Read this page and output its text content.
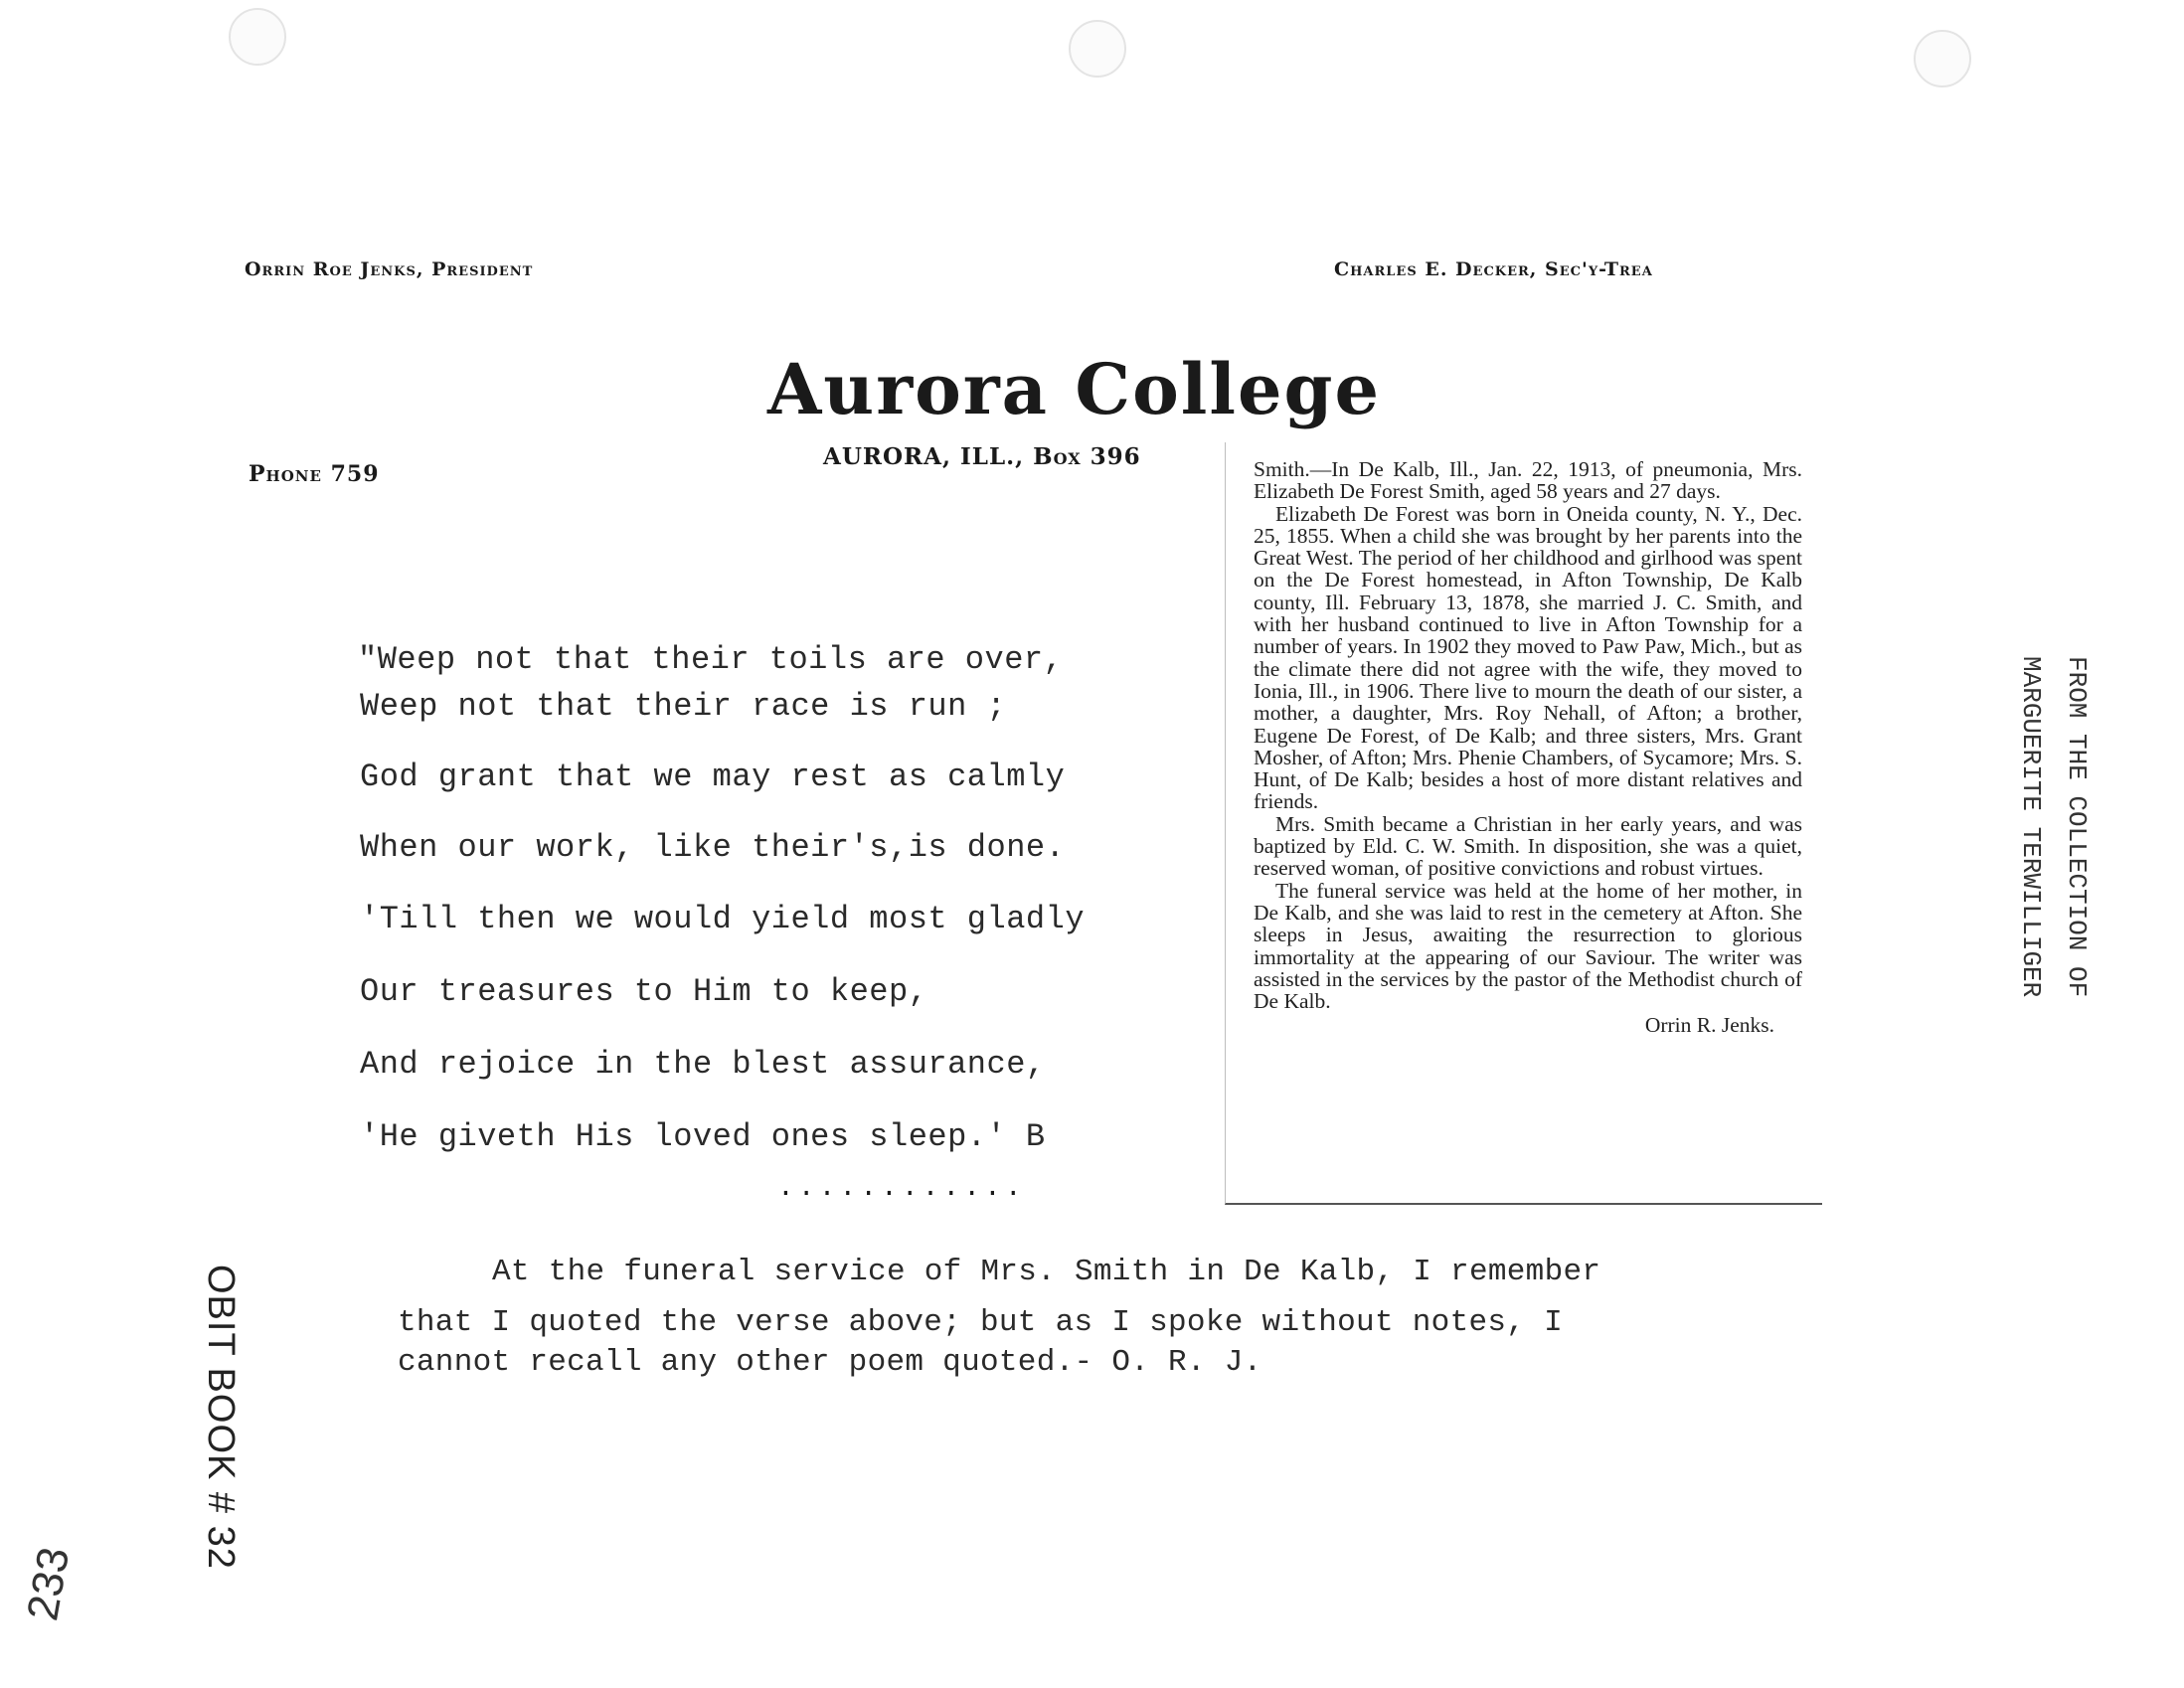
Orrin Roe Jenks, President	Charles E. Decker, Sec'y-Trea
Aurora College
AURORA, ILL., Box 396
Phone 759
"Weep not that their toils are over,
Weep not that their race is run ;
God grant that we may rest as calmly
When our work, like their's,is done.
'Till then we would yield most gladly
Our treasures to Him to keep,
And rejoice in the blest assurance,
'He giveth His loved ones sleep.' B
............

Smith.—In De Kalb, Ill., Jan. 22, 1913, of pneumonia, Mrs. Elizabeth De Forest Smith, aged 58 years and 27 days.

Elizabeth De Forest was born in Oneida county, N. Y., Dec. 25, 1855. When a child she was brought by her parents into the Great West. The period of her childhood and girlhood was spent on the De Forest homestead, in Afton Township, De Kalb county, Ill. February 13, 1878, she married J. C. Smith, and with her husband continued to live in Afton Township for a number of years. In 1902 they moved to Paw Paw, Mich., but as the climate there did not agree with the wife, they moved to Ionia, Ill., in 1906. There live to mourn the death of our sister, a mother, a daughter, Mrs. Roy Nehall, of Afton; a brother, Eugene De Forest, of De Kalb; and three sisters, Mrs. Grant Mosher, of Afton; Mrs. Phenie Chambers, of Sycamore; Mrs. S. Hunt, of De Kalb; besides a host of more distant relatives and friends.

Mrs. Smith became a Christian in her early years, and was baptized by Eld. C. W. Smith. In disposition, she was a quiet, reserved woman, of positive convictions and robust virtues.

The funeral service was held at the home of her mother, in De Kalb, and she was laid to rest in the cemetery at Afton. She sleeps in Jesus, awaiting the resurrection to glorious immortality at the appearing of our Saviour. The writer was assisted in the services by the pastor of the Methodist church of De Kalb.

Orrin R. Jenks.

At the funeral service of Mrs. Smith in De Kalb, I remember
that I quoted the verse above; but as I spoke without notes, I
cannot recall any other poem quoted.- O. R. J.
FROM THE COLLECTION OF
MARGUERITE TERWILLIGER
OBIT BOOK # 32
233
